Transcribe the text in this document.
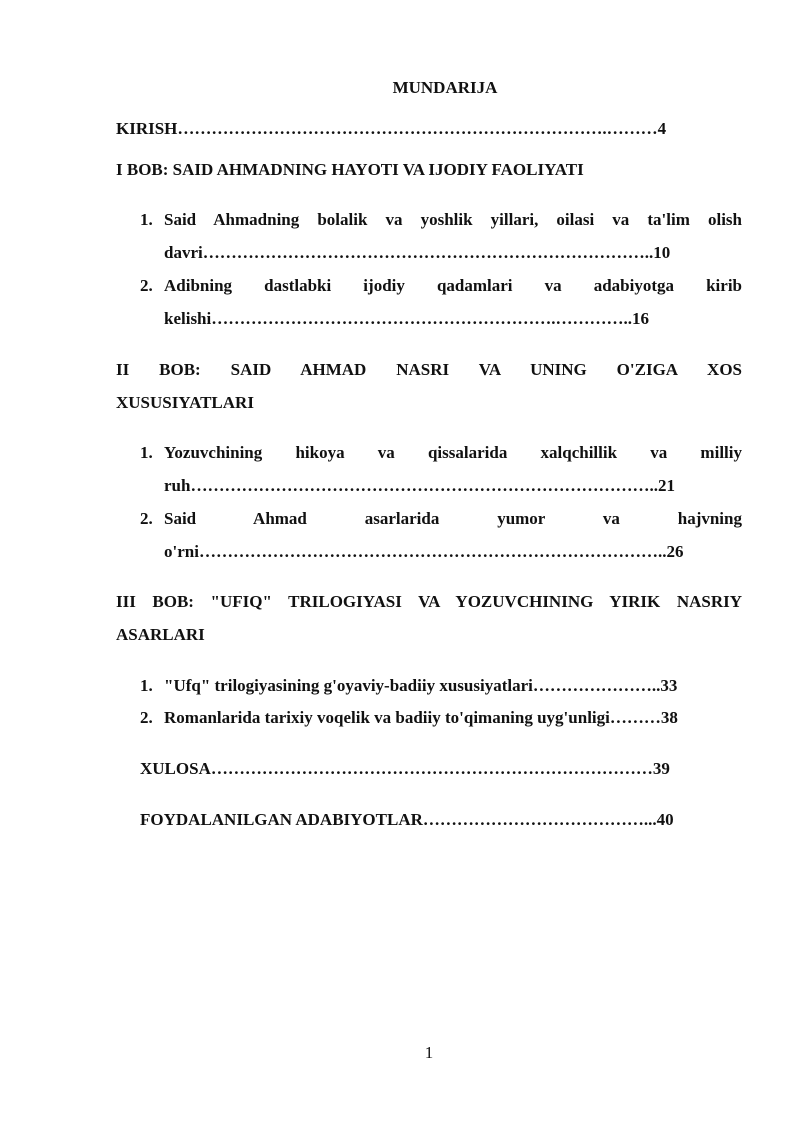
MUNDARIJA
KIRISH………………………………………………………………….………4
I BOB: SAID AHMADNING HAYOTI VA IJODIY FAOLIYATI
1. Said Ahmadning bolalik va yoshlik yillari, oilasi va ta'lim olish
davri……………………………………………………………………..10
2. Adibning dastlabki ijodiy qadamlari va adabiyotga kirib
kelishi…………………………………………………….…………..16
II BOB: SAID AHMAD NASRI VA UNING O'ZIGA XOS
XUSUSIYATLARI
1. Yozuvchining hikoya va qissalarida xalqchillik va milliy
ruh………………………………………………………………………..21
2. Said Ahmad asarlarida yumor va hajvning
o'rni………………………………………………………………………..26
III BOB: "UFIQ" TRILOGIYASI VA YOZUVCHINING YIRIK NASRIY
ASARLARI
1. "Ufq" trilogiyasining g'oyaviy-badiiy xususiyatlari…………………..33
2. Romanlarida tarixiy voqelik va badiiy to'qimaning uyg'unligi………38
XULOSA……………………………………………………………………39
FOYDALANILGAN ADABIYOTLAR…………………………………...40
1
